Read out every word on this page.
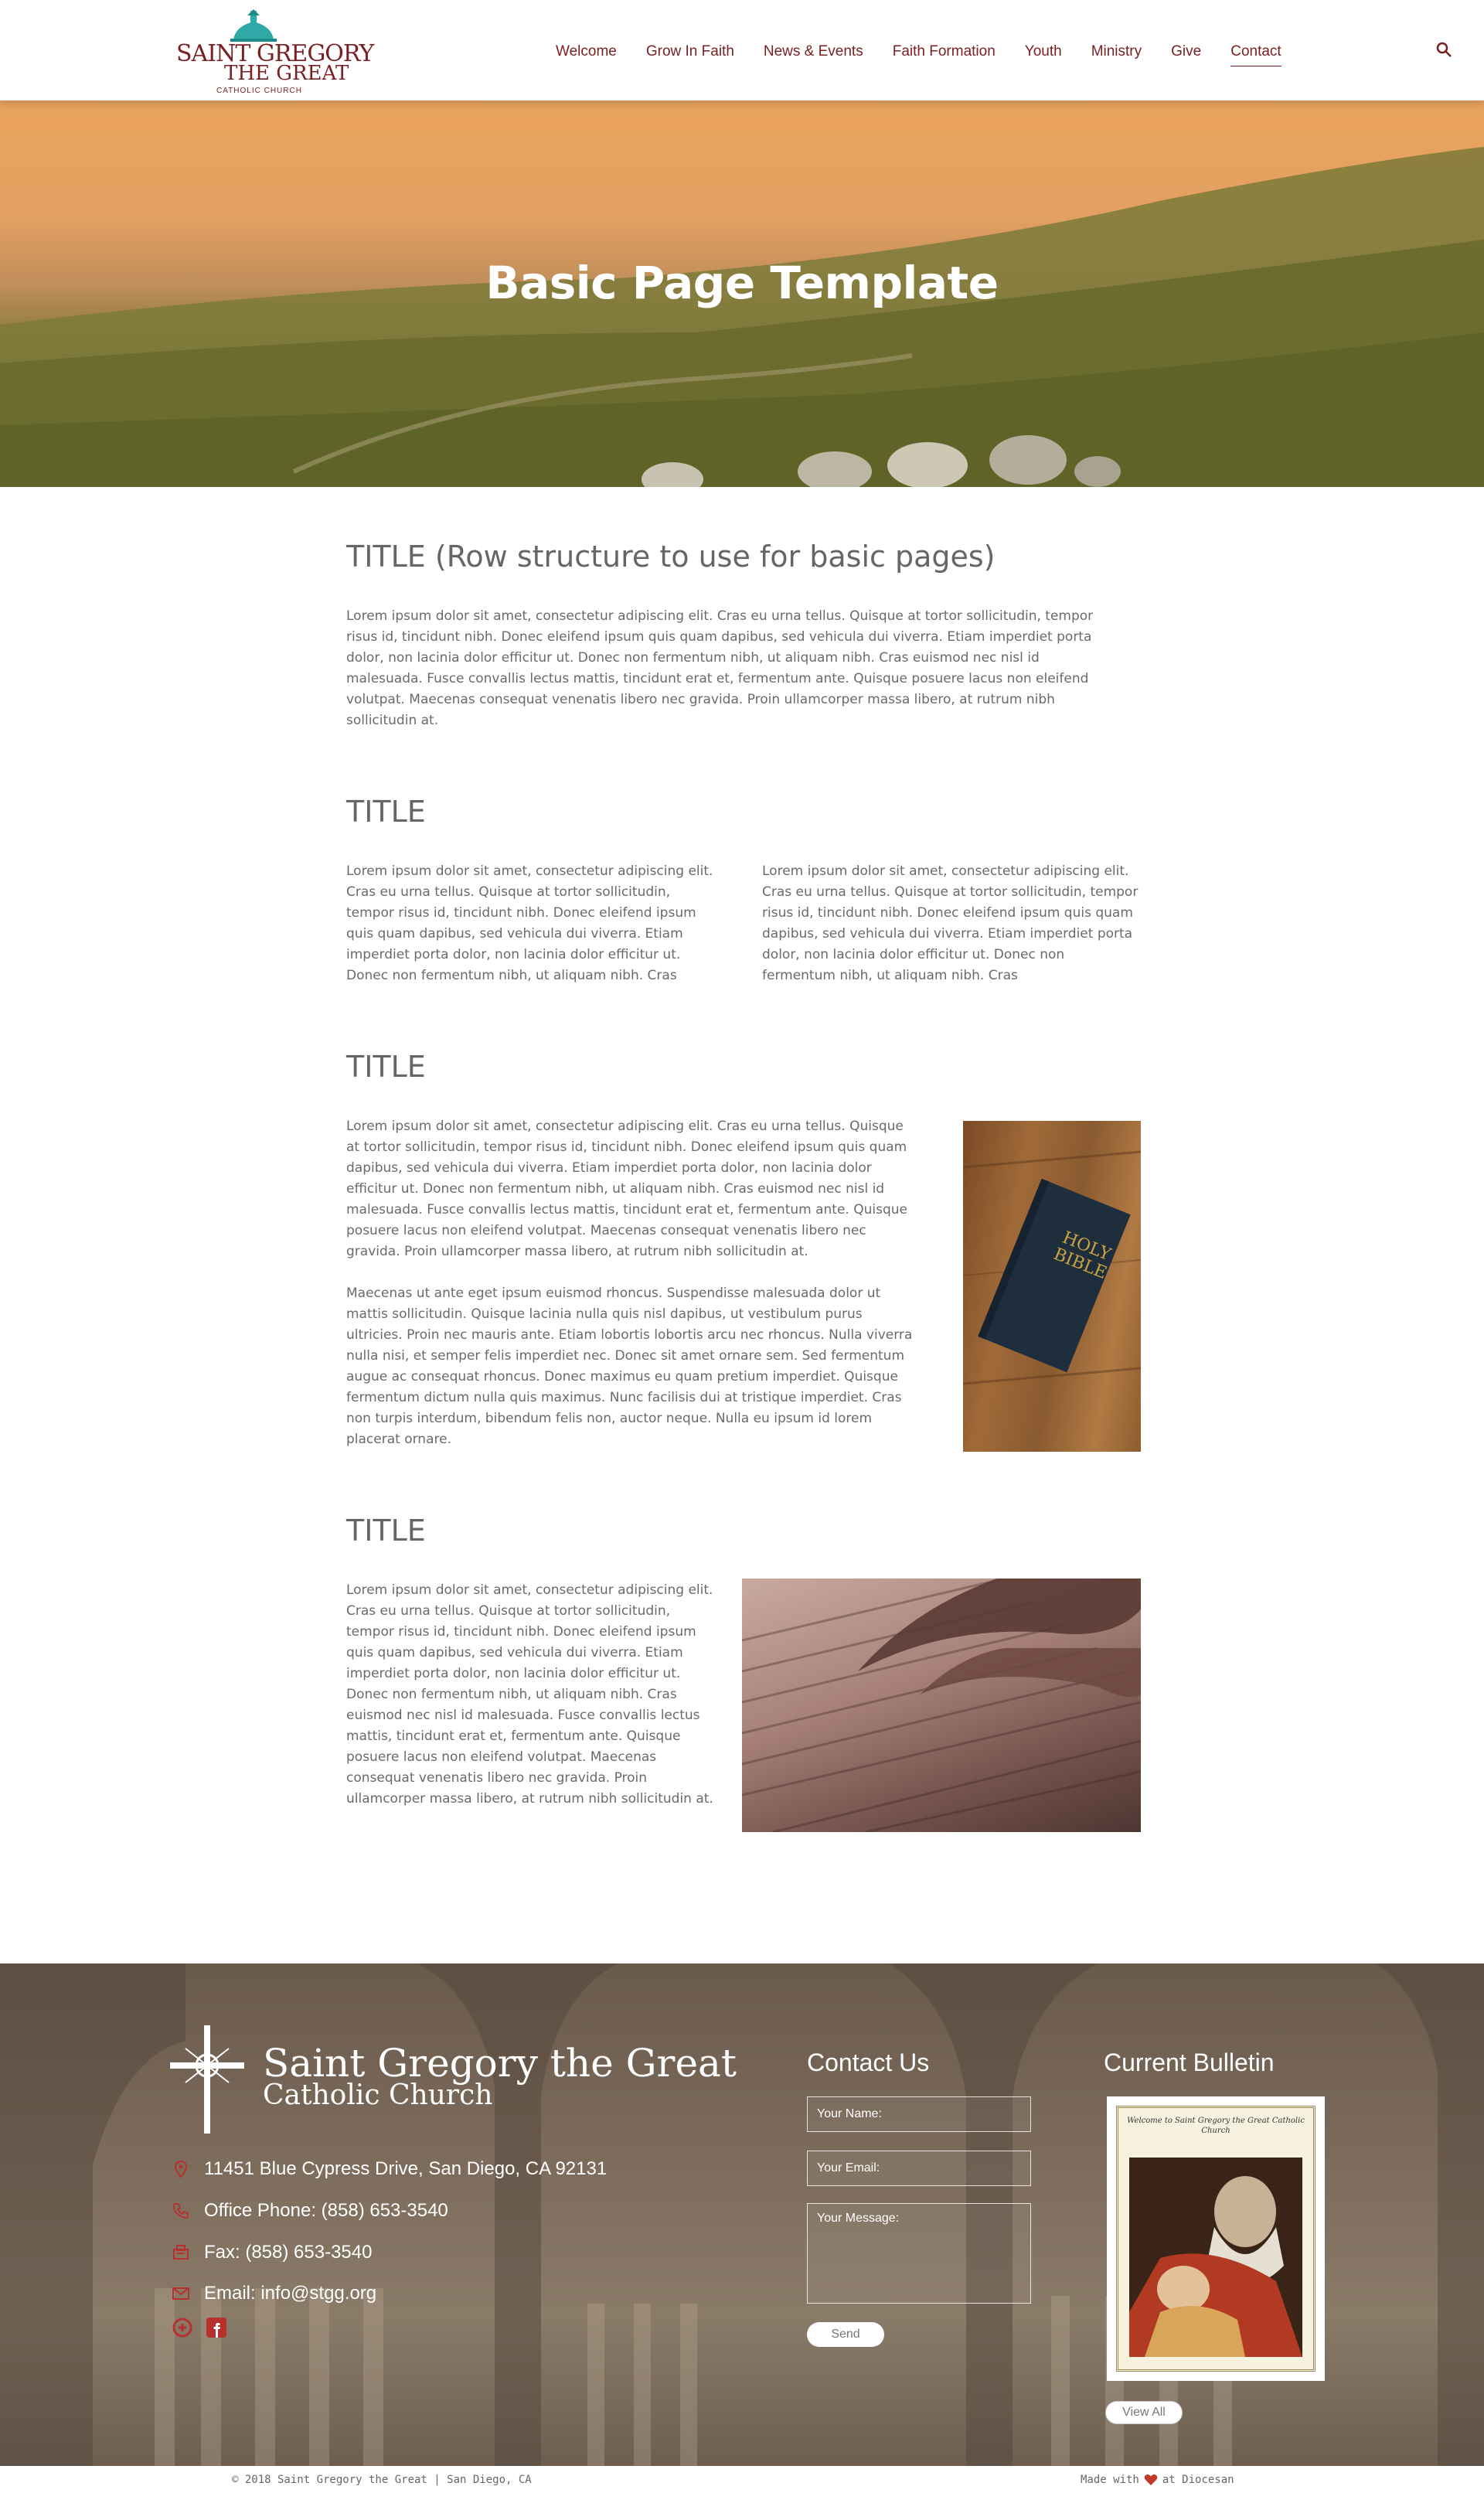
SAINT GREGORY
THE GREAT
CATHOLIC CHURCH
Welcome	Grow In Faith	News & Events	Faith Formation	Youth	Ministry	Give	Contact
Basic Page Template
TITLE (Row structure to use for basic pages)

Lorem ipsum dolor sit amet, consectetur adipiscing elit. Cras eu urna tellus. Quisque at tortor sollicitudin, tempor risus id, tincidunt nibh. Donec eleifend ipsum quis quam dapibus, sed vehicula dui viverra. Etiam imperdiet porta dolor, non lacinia dolor efficitur ut. Donec non fermentum nibh, ut aliquam nibh. Cras euismod nec nisl id malesuada. Fusce convallis lectus mattis, tincidunt erat et, fermentum ante. Quisque posuere lacus non eleifend volutpat. Maecenas consequat venenatis libero nec gravida. Proin ullamcorper massa libero, at rutrum nibh sollicitudin at.

TITLE

Lorem ipsum dolor sit amet, consectetur adipiscing elit. Cras eu urna tellus. Quisque at tortor sollicitudin, tempor risus id, tincidunt nibh. Donec eleifend ipsum quis quam dapibus, sed vehicula dui viverra. Etiam imperdiet porta dolor, non lacinia dolor efficitur ut. Donec non fermentum nibh, ut aliquam nibh. Cras

Lorem ipsum dolor sit amet, consectetur adipiscing elit. Cras eu urna tellus. Quisque at tortor sollicitudin, tempor risus id, tincidunt nibh. Donec eleifend ipsum quis quam dapibus, sed vehicula dui viverra. Etiam imperdiet porta dolor, non lacinia dolor efficitur ut. Donec non fermentum nibh, ut aliquam nibh. Cras

TITLE

Lorem ipsum dolor sit amet, consectetur adipiscing elit. Cras eu urna tellus. Quisque at tortor sollicitudin, tempor risus id, tincidunt nibh. Donec eleifend ipsum quis quam dapibus, sed vehicula dui viverra. Etiam imperdiet porta dolor, non lacinia dolor efficitur ut. Donec non fermentum nibh, ut aliquam nibh. Cras euismod nec nisl id malesuada. Fusce convallis lectus mattis, tincidunt erat et, fermentum ante. Quisque posuere lacus non eleifend volutpat. Maecenas consequat venenatis libero nec gravida. Proin ullamcorper massa libero, at rutrum nibh sollicitudin at.

Maecenas ut ante eget ipsum euismod rhoncus. Suspendisse malesuada dolor ut mattis sollicitudin. Quisque lacinia nulla quis nisl dapibus, ut vestibulum purus ultricies. Proin nec mauris ante. Etiam lobortis lobortis arcu nec rhoncus. Nulla viverra nulla nisi, et semper felis imperdiet nec. Donec sit amet ornare sem. Sed fermentum augue ac consequat rhoncus. Donec maximus eu quam pretium imperdiet. Quisque fermentum dictum nulla quis maximus. Nunc facilisis dui at tristique imperdiet. Cras non turpis interdum, bibendum felis non, auctor neque. Nulla eu ipsum id lorem placerat ornare.

HOLY BIBLE
TITLE

Lorem ipsum dolor sit amet, consectetur adipiscing elit. Cras eu urna tellus. Quisque at tortor sollicitudin, tempor risus id, tincidunt nibh. Donec eleifend ipsum quis quam dapibus, sed vehicula dui viverra. Etiam imperdiet porta dolor, non lacinia dolor efficitur ut. Donec non fermentum nibh, ut aliquam nibh. Cras euismod nec nisl id malesuada. Fusce convallis lectus mattis, tincidunt erat et, fermentum ante. Quisque posuere lacus non eleifend volutpat. Maecenas consequat venenatis libero nec gravida. Proin ullamcorper massa libero, at rutrum nibh sollicitudin at.

Saint Gregory the Great
Catholic Church
11451 Blue Cypress Drive, San Diego, CA 92131
Office Phone: (858) 653-3540
Fax: (858) 653-3540
Email: info@stgg.org
Contact Us
Your Name:
Your Email:
Your Message:
Send
Current Bulletin
Welcome to Saint Gregory the Great Catholic Church
View All
© 2018 Saint Gregory the Great | San Diego, CA	Made with at Diocesan
